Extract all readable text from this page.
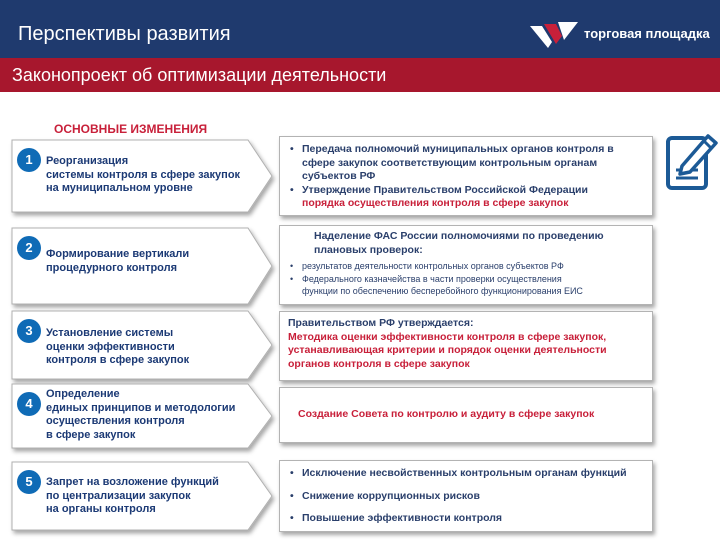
Перспективы развития	торговая площадка
Законопроект об оптимизации деятельности
ОСНОВНЫЕ ИЗМЕНЕНИЯ
1	Реорганизация
системы контроля в сфере закупок
на муниципальном уровне
2	Формирование вертикали
процедурного контроля
3	Установление системы
оценки эффективности
контроля в сфере закупок
4
Определение
единых принципов и методологии
осуществления контроля
в сфере закупок
5	Запрет на возложение функций
по централизации закупок
на органы контроля
• Передача полномочий муниципальных органов контроля в
сфере закупок соответствующим контрольным органам
субъектов РФ
• Утверждение Правительством Российской Федерации
порядка осуществления контроля в сфере закупок
Наделение ФАС России полномочиями по проведению
плановых проверок:
• результатов деятельности контрольных органов субъектов РФ
• Федерального казначейства в части проверки осуществления
функции по обеспечению бесперебойного функционирования ЕИС
Правительством РФ утверждается:
Методика оценки эффективности контроля в сфере закупок,
устанавливающая критерии и порядок оценки деятельности
органов контроля в сфере закупок
Создание Совета по контролю и аудиту в сфере закупок
• Исключение несвойственных контрольным органам функций
• Снижение коррупционных рисков
• Повышение эффективности контроля
